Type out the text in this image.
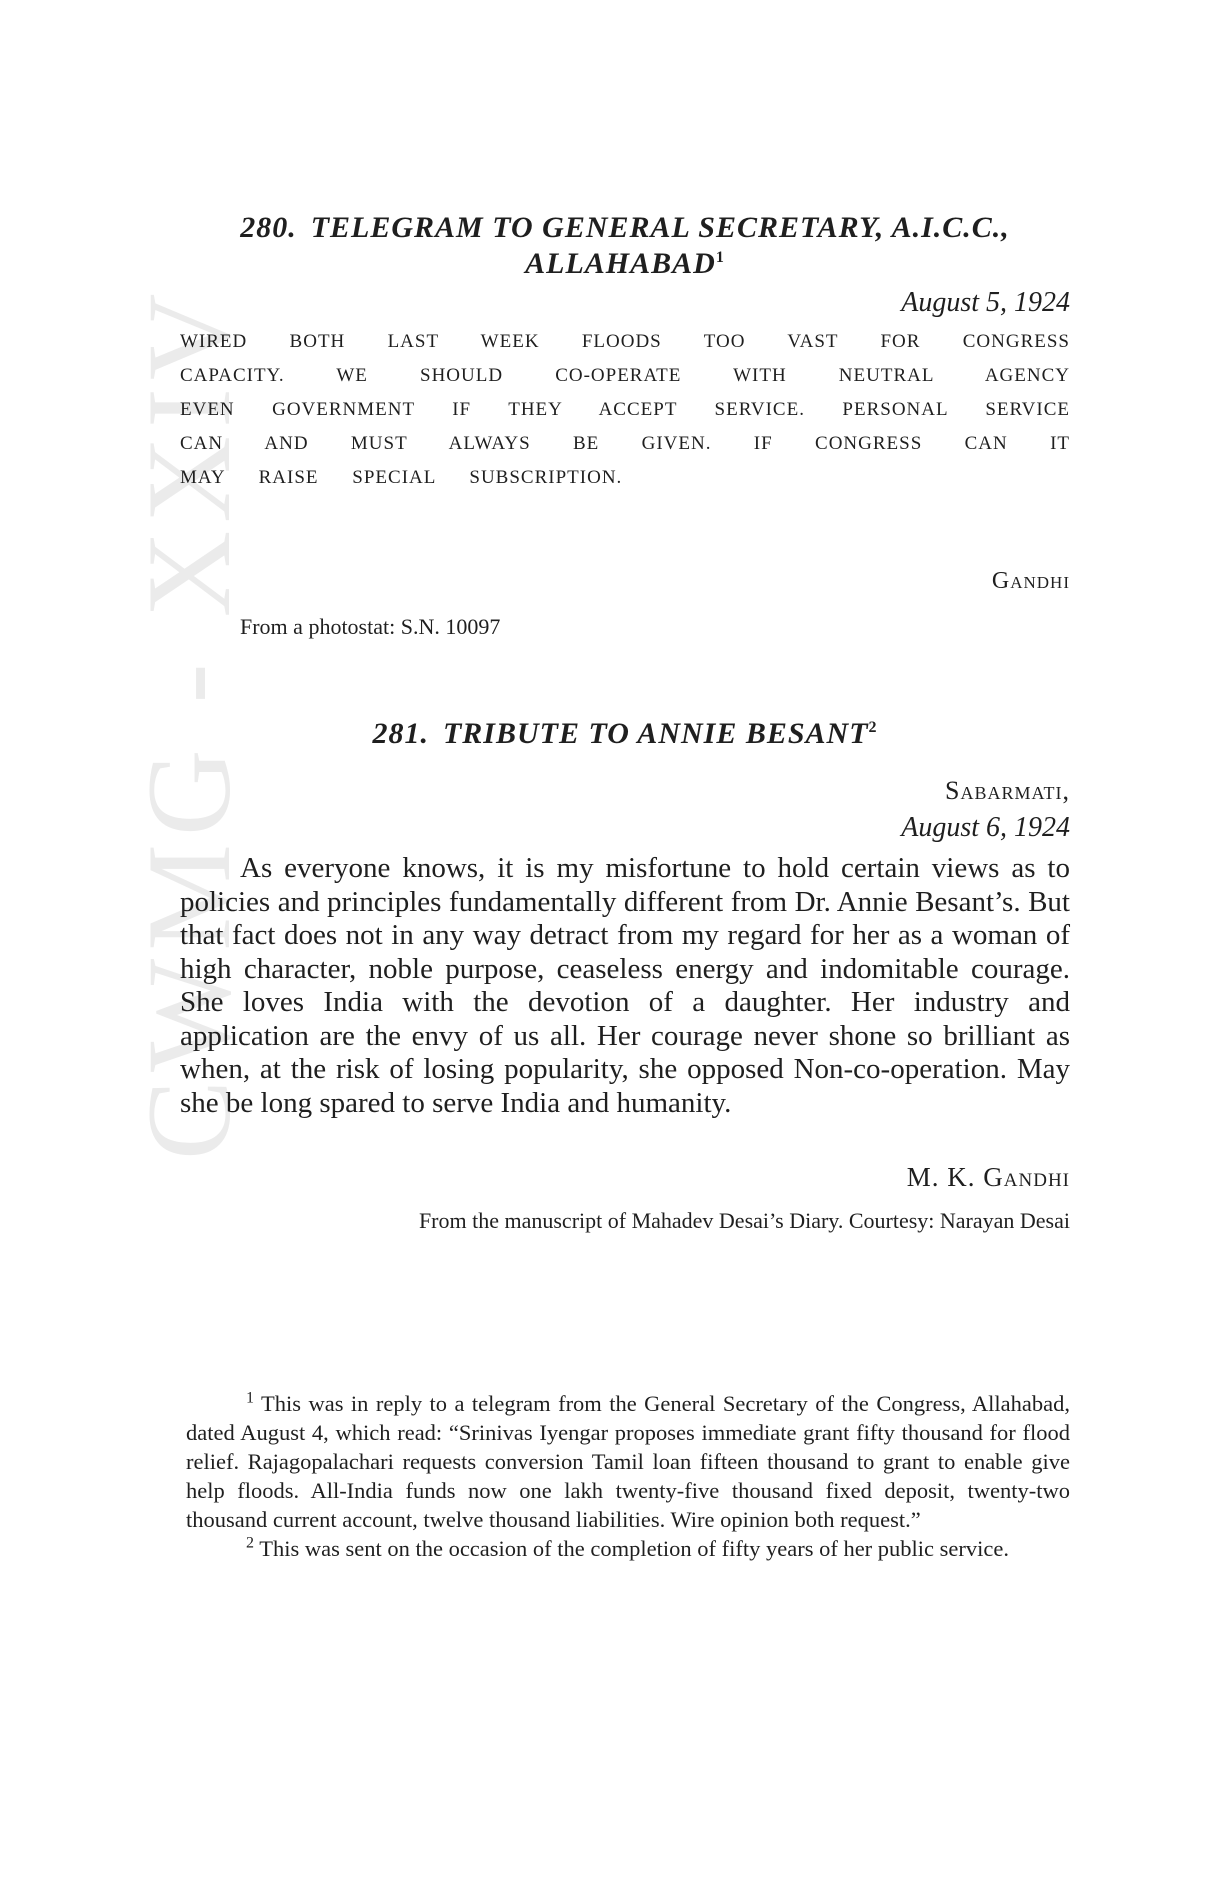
CWMG - XXIV
280. TELEGRAM TO GENERAL SECRETARY, A.I.C.C.,
ALLAHABAD$^1$
August 5, 1924

WIRED BOTH LAST WEEK FLOODS TOO VAST FOR CONGRESS

CAPACITY. WE SHOULD CO-OPERATE WITH NEUTRAL AGENCY

EVEN GOVERNMENT IF THEY ACCEPT SERVICE. PERSONAL SERVICE

CAN AND MUST ALWAYS BE GIVEN. IF CONGRESS CAN IT

MAY RAISE SPECIAL SUBSCRIPTION.

Gandhi

From a photostat: S.N. 10097

281. TRIBUTE TO ANNIE BESANT$^2$
Sabarmati,
August 6, 1924

As everyone knows, it is my misfortune to hold certain views as to policies and principles fundamentally different from Dr. Annie Besant’s. But that fact does not in any way detract from my regard for her as a woman of high character, noble purpose, ceaseless energy and indomitable courage. She loves India with the devotion of a daughter. Her industry and application are the envy of us all. Her courage never shone so brilliant as when, at the risk of losing popularity, she opposed Non-co-operation. May she be long spared to serve India and humanity.

M. K. Gandhi

From the manuscript of Mahadev Desai’s Diary. Courtesy: Narayan Desai

$^1$ This was in reply to a telegram from the General Secretary of the Congress, Allahabad, dated August 4, which read: “Srinivas Iyengar proposes immediate grant fifty thousand for flood relief. Rajagopalachari requests conversion Tamil loan fifteen thousand to grant to enable give help floods. All-India funds now one lakh twenty-five thousand fixed deposit, twenty-two thousand current account, twelve thousand liabilities. Wire opinion both request.”

$^2$ This was sent on the occasion of the completion of fifty years of her public service.
